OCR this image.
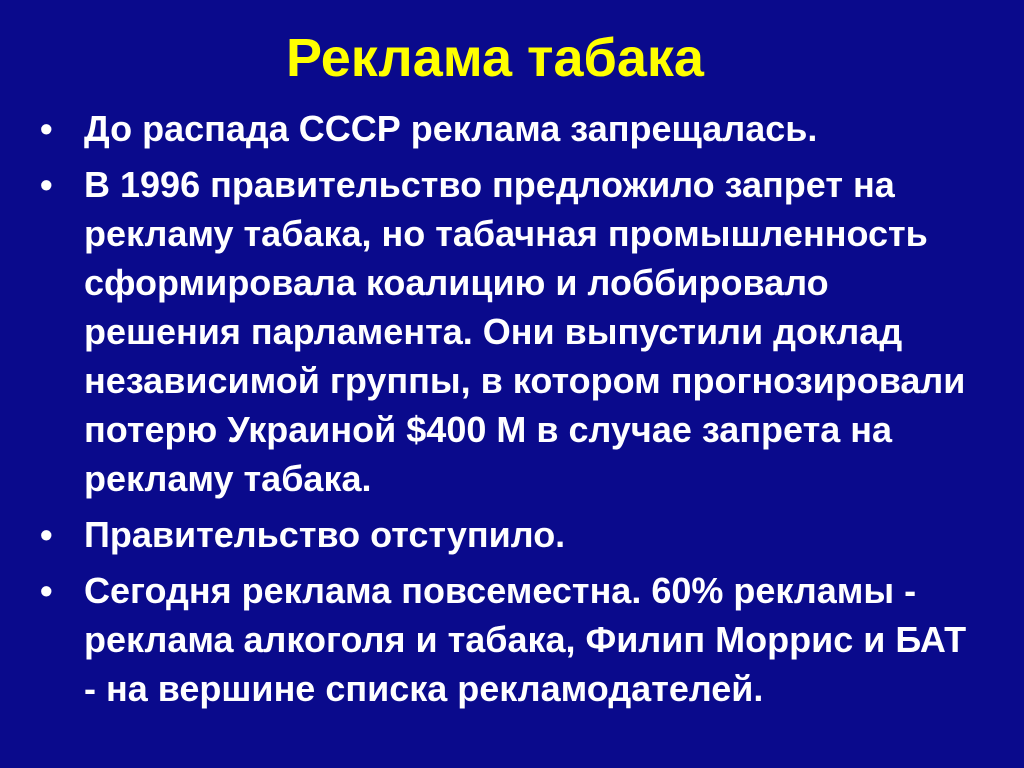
Реклама табака
• До распада СССР реклама запрещалась.
• В 1996 правительство предложило запрет на рекламу табака, но табачная промышленность сформировала коалицию и лоббировало решения парламента. Они выпустили доклад независимой группы, в котором прогнозировали потерю Украиной $400 М в случае запрета на рекламу табака.
• Правительство отступило.
• Сегодня реклама повсеместна. 60% рекламы - реклама алкоголя и табака, Филип Моррис и БАТ - на вершине списка рекламодателей.
